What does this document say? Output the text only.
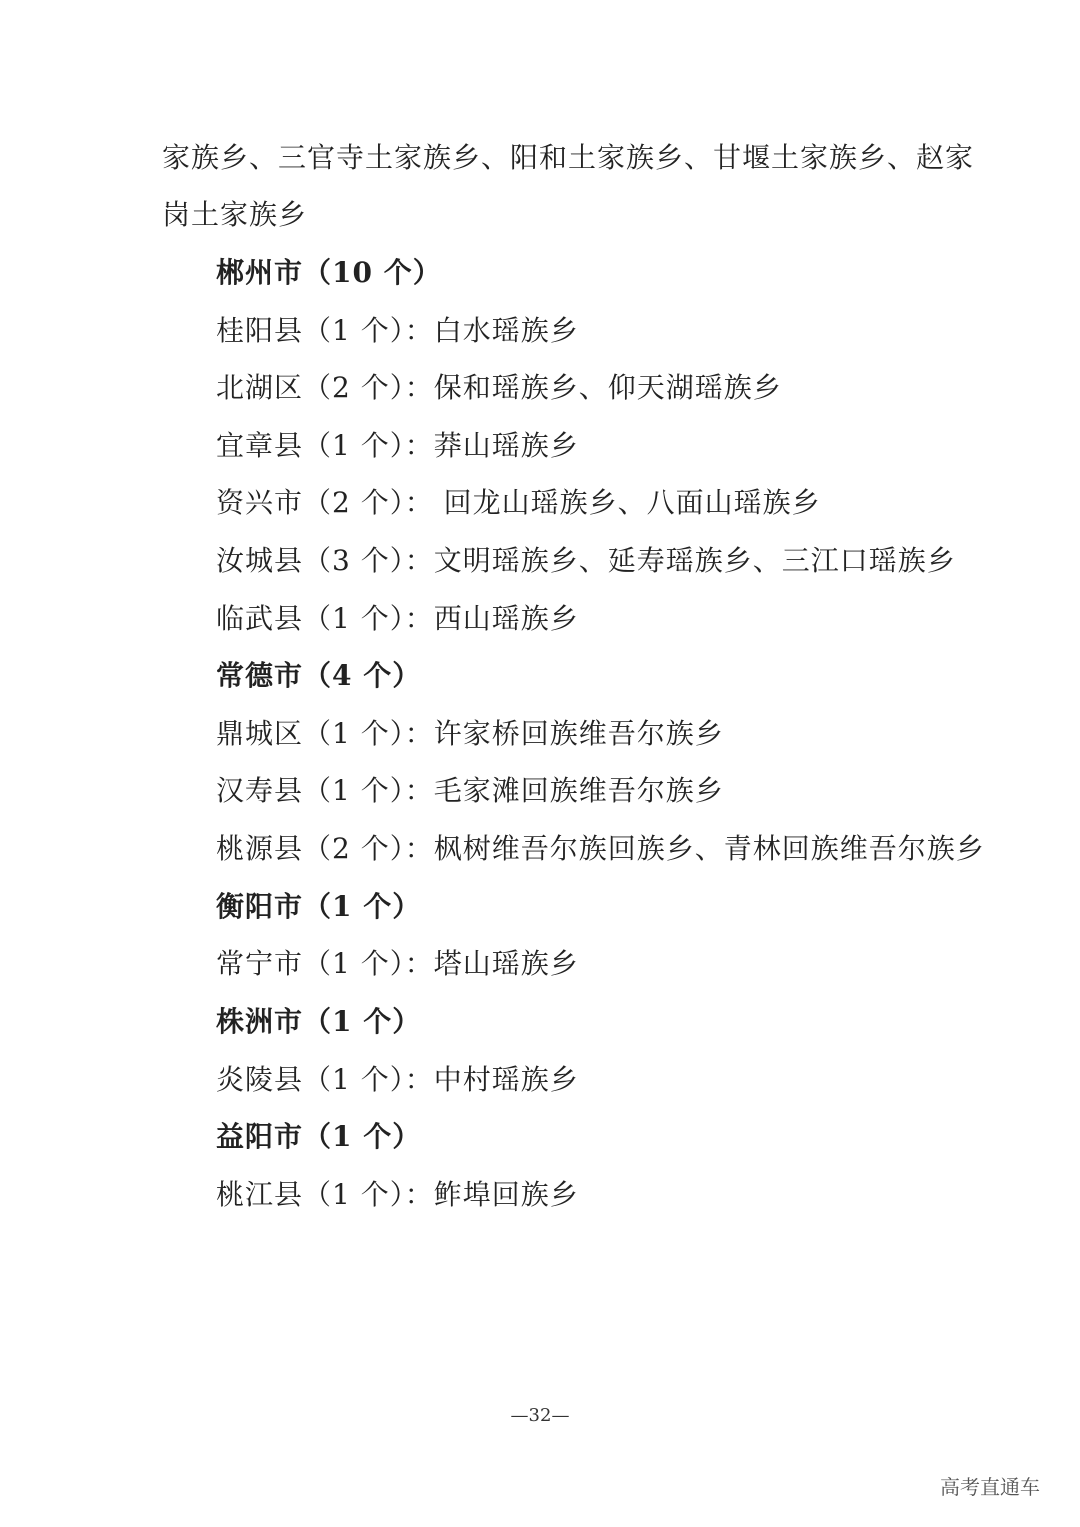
家族乡、三官寺土家族乡、阳和土家族乡、甘堰土家族乡、赵家
岗土家族乡
郴州市（10 个）
桂阳县（1 个）：白水瑶族乡
北湖区（2 个）：保和瑶族乡、仰天湖瑶族乡
宜章县（1 个）：莽山瑶族乡
资兴市（2 个）： 回龙山瑶族乡、八面山瑶族乡
汝城县（3 个）：文明瑶族乡、延寿瑶族乡、三江口瑶族乡
临武县（1 个）：西山瑶族乡
常德市（4 个）
鼎城区（1 个）：许家桥回族维吾尔族乡
汉寿县（1 个）：毛家滩回族维吾尔族乡
桃源县（2 个）：枫树维吾尔族回族乡、青林回族维吾尔族乡
衡阳市（1 个）
常宁市（1 个）：塔山瑶族乡
株洲市（1 个）
炎陵县（1 个）：中村瑶族乡
益阳市（1 个）
桃江县（1 个）：鲊埠回族乡
—32—
高考直通车
